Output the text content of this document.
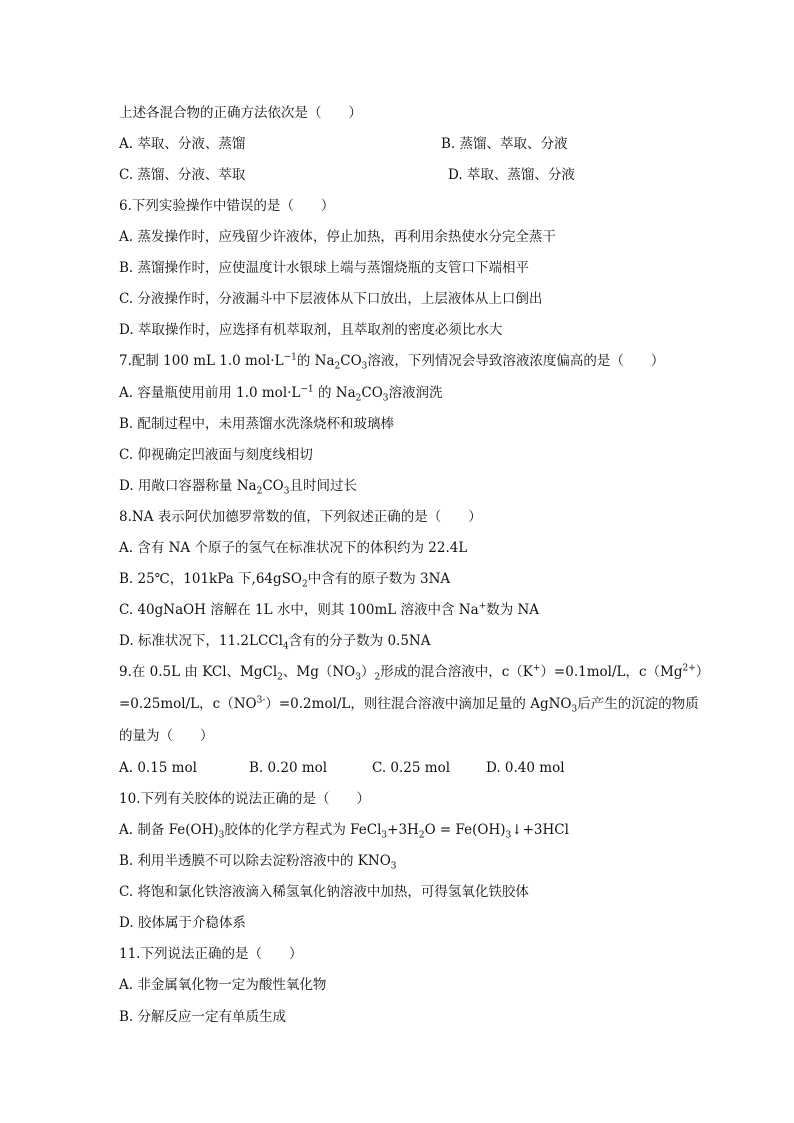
上述各混合物的正确方法依次是（　　）
A. 萃取、分液、蒸馏	B. 蒸馏、萃取、分液
C. 蒸馏、分液、萃取	D. 萃取、蒸馏、分液
6.下列实验操作中错误的是（　　）
A. 蒸发操作时，应残留少许液体，停止加热，再利用余热使水分完全蒸干
B. 蒸馏操作时，应使温度计水银球上端与蒸馏烧瓶的支管口下端相平
C. 分液操作时，分液漏斗中下层液体从下口放出，上层液体从上口倒出
D. 萃取操作时，应选择有机萃取剂，且萃取剂的密度必须比水大
7.配制 100 mL 1.0 $mol\cdot L^{-1}$的 $Na_2CO_3$溶液，下列情况会导致溶液浓度偏高的是（　　）
A. 容量瓶使用前用 1.0 $mol\cdot L^{-1}$ 的 $Na_2CO_3$溶液润洗
B. 配制过程中，未用蒸馏水洗涤烧杯和玻璃棒
C. 仰视确定凹液面与刻度线相切
D. 用敞口容器称量 $Na_2CO_3$且时间过长
8.NA 表示阿伏加德罗常数的值，下列叙述正确的是（　　）
A. 含有 NA 个原子的氢气在标准状况下的体积约为 22.4L
B. 25℃，101kPa 下,64gSO$_2$中含有的原子数为 3NA
C. 40gNaOH 溶解在 1L 水中，则其 100mL 溶液中含 Na+数为 NA
D. 标准状况下，11.2LCCl$_4$含有的分子数为 0.5NA
9.在 0.5L 由 KCl、MgCl$_2$、$Mg(NO_3)_2$形成的混合溶液中，c（K+）=0.1mol/L，$c(Mg^{2+})$
=0.25mol/L，$c(NO^{3-})=0.2mol/L$，则往混合溶液中滴加足量的 AgNO$_3$后产生的沉淀的物质
的量为（　　）
A. 0.15 mol	B. 0.20 mol	C. 0.25 mol	D. 0.40 mol
10.下列有关胶体的说法正确的是（　　）
A. 制备 $Fe(OH)_3$胶体的化学方程式为 $FeCl_3+3H_2O$ = $Fe(OH)_3↓+3HCl$
B. 利用半透膜不可以除去淀粉溶液中的 $KNO_3$
C. 将饱和氯化铁溶液滴入稀氢氧化钠溶液中加热，可得氢氧化铁胶体
D. 胶体属于介稳体系
11.下列说法正确的是（　　）
A. 非金属氧化物一定为酸性氧化物
B. 分解反应一定有单质生成
